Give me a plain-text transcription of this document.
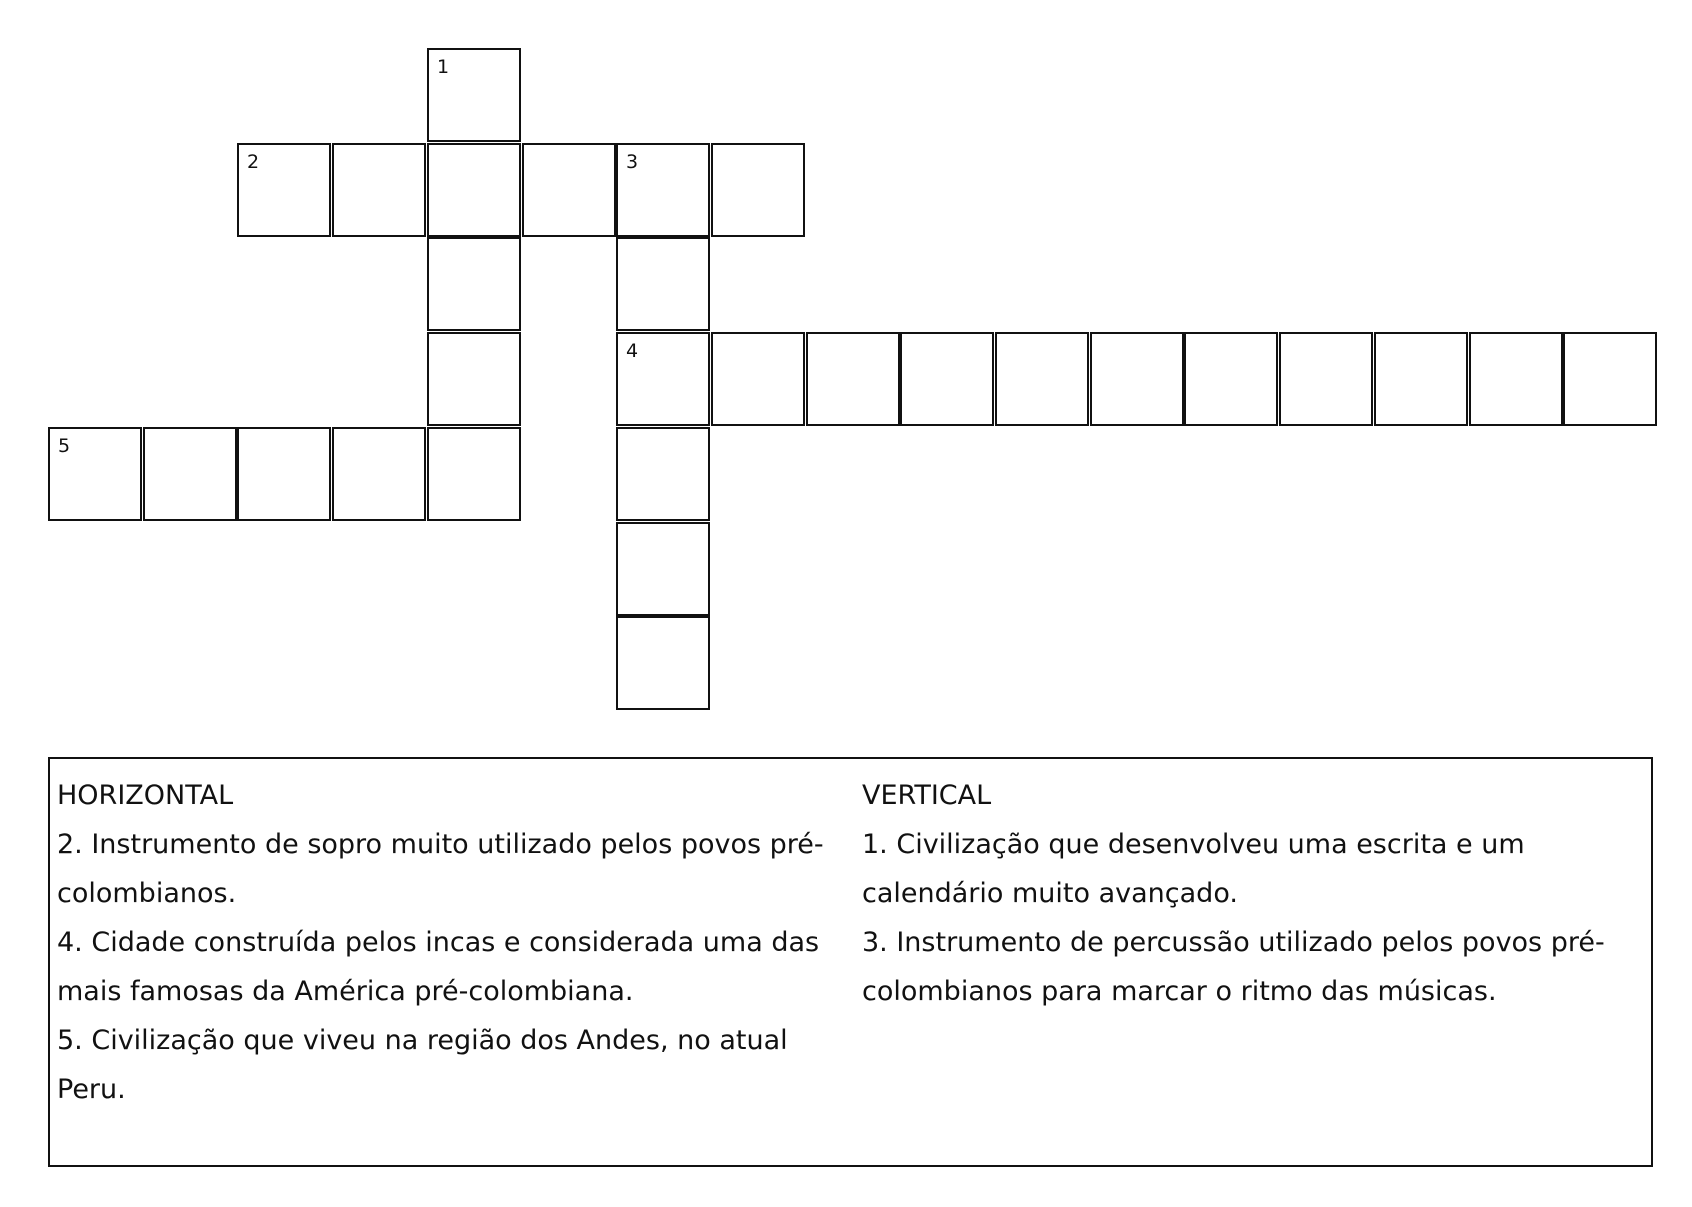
1
2	3
4
5

HORIZONTAL

2. Instrumento de sopro muito utilizado pelos povos pré-colombianos.

4. Cidade construída pelos incas e considerada uma das mais famosas da América pré-colombiana.

5. Civilização que viveu na região dos Andes, no atual Peru.

VERTICAL

1. Civilização que desenvolveu uma escrita e um calendário muito avançado.

3. Instrumento de percussão utilizado pelos povos pré-colombianos para marcar o ritmo das músicas.
